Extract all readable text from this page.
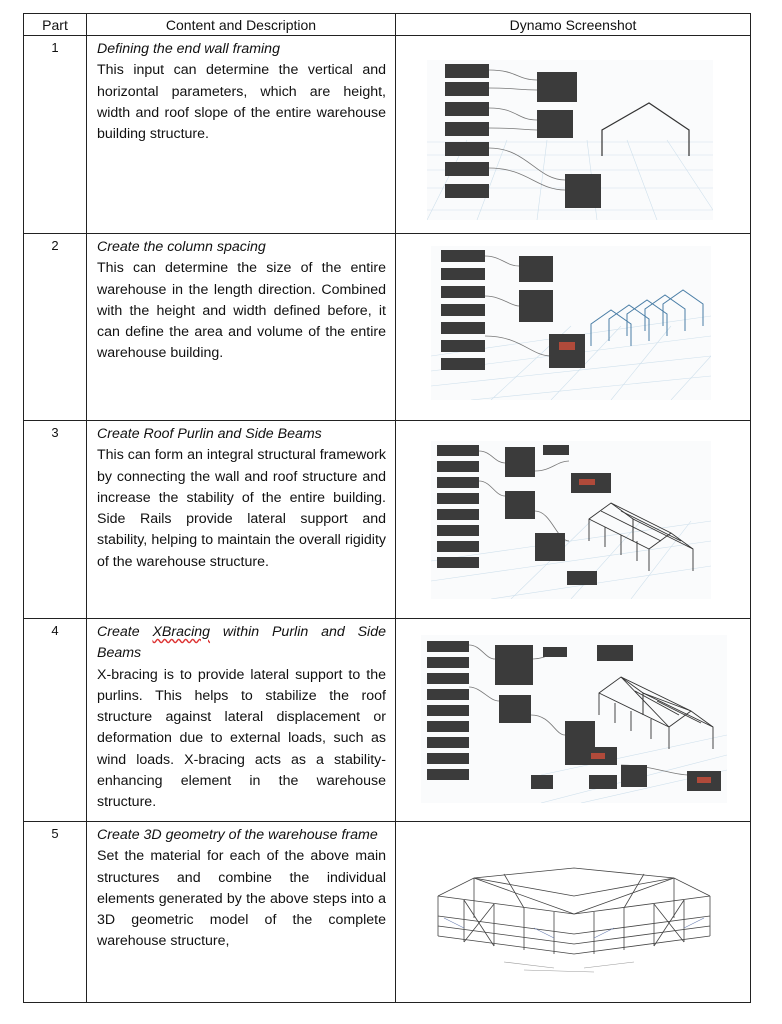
Part	Content and Description	Dynamo Screenshot
1	Defining the end wall framing
This input can determine the vertical and horizontal parameters, which are height, width and roof slope of the entire warehouse building structure.

2	Create the column spacing
This can determine the size of the entire warehouse in the length direction. Combined with the height and width defined before, it can define the area and volume of the entire warehouse building.

3	Create Roof Purlin and Side Beams
This can form an integral structural framework by connecting the wall and roof structure and increase the stability of the entire building. Side Rails provide lateral support and stability, helping to maintain the overall rigidity of the warehouse structure.

4	Create XBracing within Purlin and Side Beams
X-bracing is to provide lateral support to the purlins. This helps to stabilize the roof structure against lateral displacement or deformation due to external loads, such as wind loads. X-bracing acts as a stability-enhancing element in the warehouse structure.

5	Create 3D geometry of the warehouse frame
Set the material for each of the above main structures and combine the individual elements generated by the above steps into a 3D geometric model of the complete warehouse structure,
